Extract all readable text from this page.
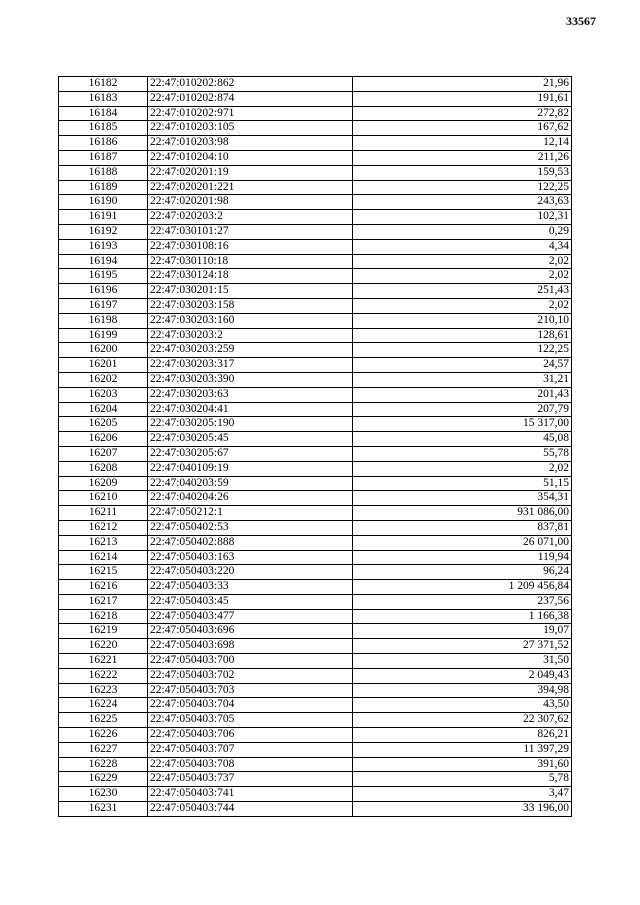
33567
16182	22:47:010202:862	21,96
16183	22:47:010202:874	191,61
16184	22:47:010202:971	272,82
16185	22:47:010203:105	167,62
16186	22:47:010203:98	12,14
16187	22:47:010204:10	211,26
16188	22:47:020201:19	159,53
16189	22:47:020201:221	122,25
16190	22:47:020201:98	243,63
16191	22:47:020203:2	102,31
16192	22:47:030101:27	0,29
16193	22:47:030108:16	4,34
16194	22:47:030110:18	2,02
16195	22:47:030124:18	2,02
16196	22:47:030201:15	251,43
16197	22:47:030203:158	2,02
16198	22:47:030203:160	210,10
16199	22:47:030203:2	128,61
16200	22:47:030203:259	122,25
16201	22:47:030203:317	24,57
16202	22:47:030203:390	31,21
16203	22:47:030203:63	201,43
16204	22:47:030204:41	207,79
16205	22:47:030205:190	15 317,00
16206	22:47:030205:45	45,08
16207	22:47:030205:67	55,78
16208	22:47:040109:19	2,02
16209	22:47:040203:59	51,15
16210	22:47:040204:26	354,31
16211	22:47:050212:1	931 086,00
16212	22:47:050402:53	837,81
16213	22:47:050402:888	26 071,00
16214	22:47:050403:163	119,94
16215	22:47:050403:220	96,24
16216	22:47:050403:33	1 209 456,84
16217	22:47:050403:45	237,56
16218	22:47:050403:477	1 166,38
16219	22:47:050403:696	19,07
16220	22:47:050403:698	27 371,52
16221	22:47:050403:700	31,50
16222	22:47:050403:702	2 049,43
16223	22:47:050403:703	394,98
16224	22:47:050403:704	43,50
16225	22:47:050403:705	22 307,62
16226	22:47:050403:706	826,21
16227	22:47:050403:707	11 397,29
16228	22:47:050403:708	391,60
16229	22:47:050403:737	5,78
16230	22:47:050403:741	3,47
16231	22:47:050403:744	33 196,00
